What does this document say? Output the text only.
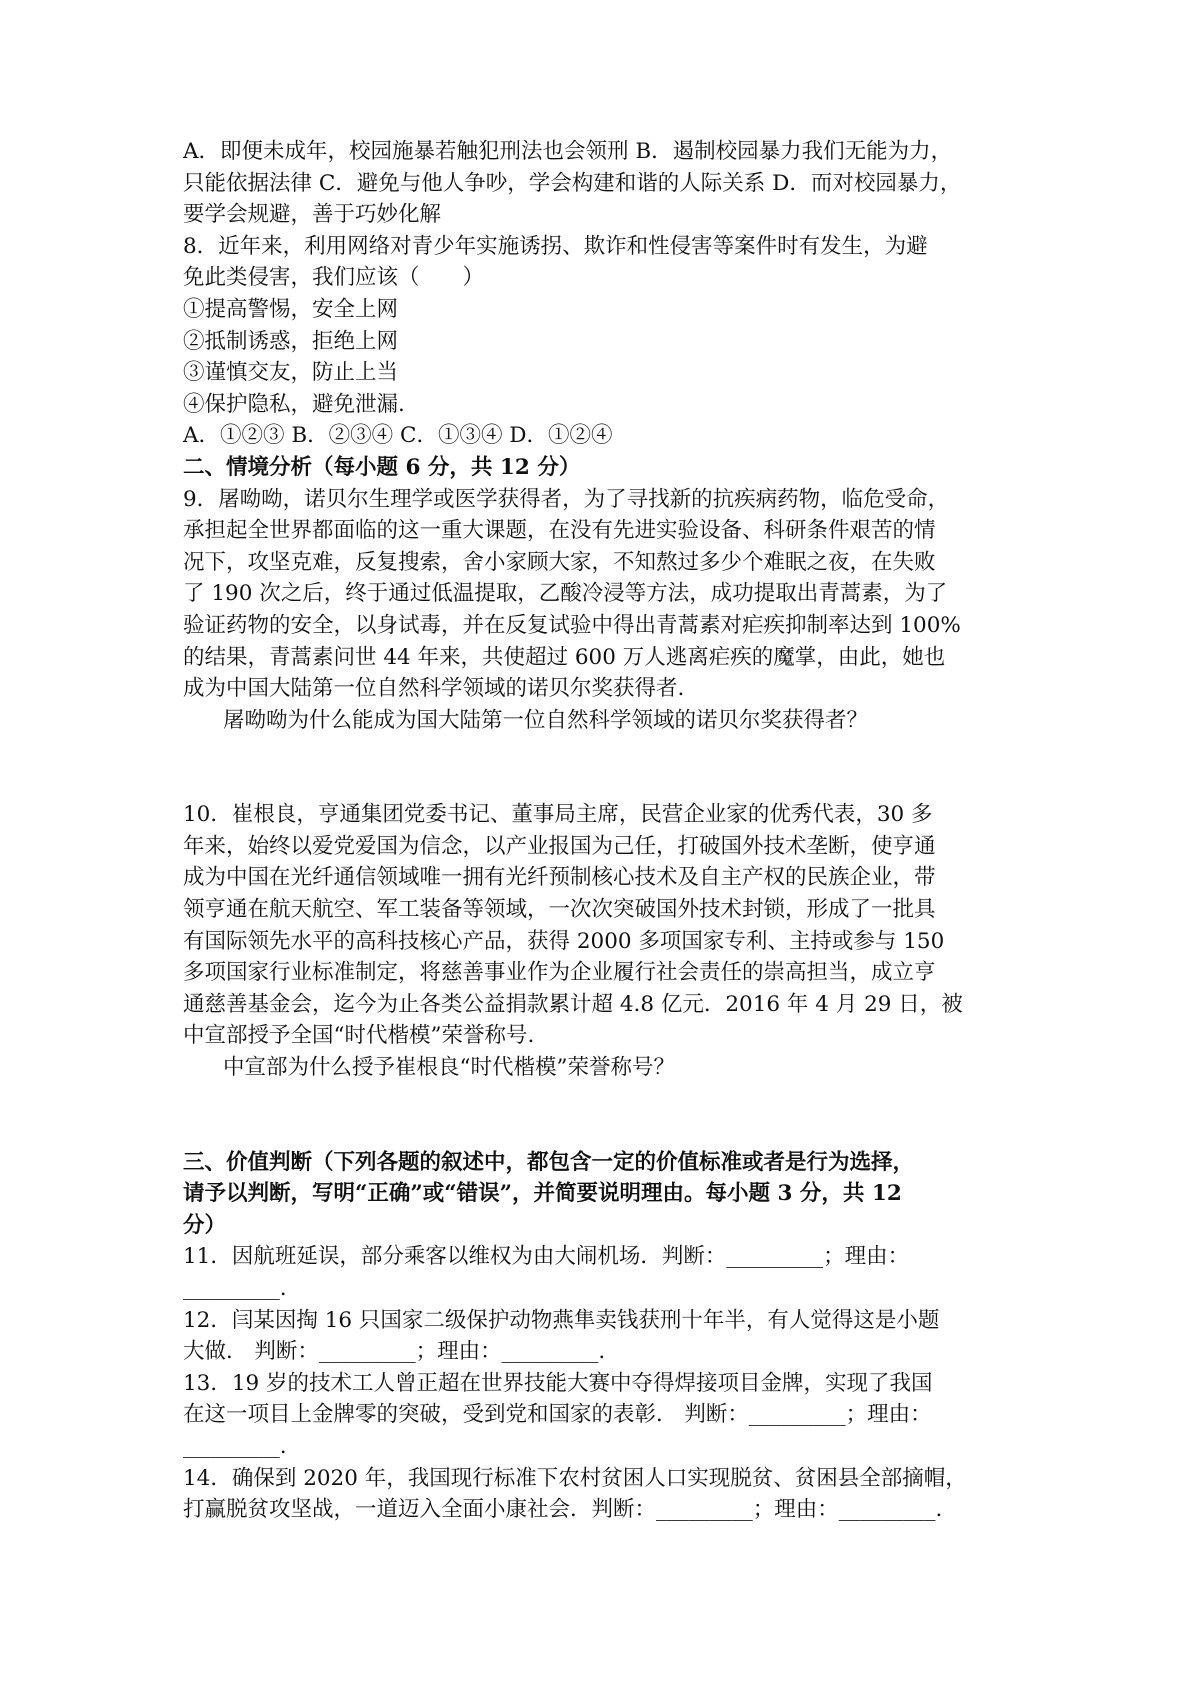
A．即便未成年，校园施暴若触犯刑法也会领刑 B．遏制校园暴力我们无能为力，
只能依据法律 C．避免与他人争吵，学会构建和谐的人际关系 D．而对校园暴力，
要学会规避，善于巧妙化解
8．近年来，利用网络对青少年实施诱拐、欺诈和性侵害等案件时有发生，为避
免此类侵害，我们应该（　　）
①提高警惕，安全上网
②抵制诱惑，拒绝上网
③谨慎交友，防止上当
④保护隐私，避免泄漏.
A．①②③ B．②③④ C．①③④ D．①②④
二、情境分析（每小题 6 分，共 12 分）
9．屠呦呦，诺贝尔生理学或医学获得者，为了寻找新的抗疾病药物，临危受命，
承担起全世界都面临的这一重大课题，在没有先进实验设备、科研条件艰苦的情
况下，攻坚克难，反复搜索，舍小家顾大家，不知熬过多少个难眠之夜，在失败
了 190 次之后，终于通过低温提取，乙酸冷浸等方法，成功提取出青蒿素，为了
验证药物的安全，以身试毒，并在反复试验中得出青蒿素对疟疾抑制率达到 100%
的结果，青蒿素问世 44 年来，共使超过 600 万人逃离疟疾的魔掌，由此，她也
成为中国大陆第一位自然科学领域的诺贝尔奖获得者.
屠呦呦为什么能成为国大陆第一位自然科学领域的诺贝尔奖获得者？
10．崔根良，亨通集团党委书记、董事局主席，民营企业家的优秀代表，30 多
年来，始终以爱党爱国为信念，以产业报国为己任，打破国外技术垄断，使亨通
成为中国在光纤通信领域唯一拥有光纤预制核心技术及自主产权的民族企业，带
领亨通在航天航空、军工装备等领域，一次次突破国外技术封锁，形成了一批具
有国际领先水平的高科技核心产品，获得 2000 多项国家专利、主持或参与 150
多项国家行业标准制定，将慈善事业作为企业履行社会责任的崇高担当，成立亨
通慈善基金会，迄今为止各类公益捐款累计超 4.8 亿元．2016 年 4 月 29 日，被
中宣部授予全国“时代楷模”荣誉称号.
中宣部为什么授予崔根良“时代楷模”荣誉称号？
三、价值判断（下列各题的叙述中，都包含一定的价值标准或者是行为选择，
请予以判断，写明“正确”或“错误”，并简要说明理由。每小题 3 分，共 12
分）
11．因航班延误，部分乘客以维权为由大闹机场．判断：_________；理由：
_________.
12．闫某因掏 16 只国家二级保护动物燕隼卖钱获刑十年半，有人觉得这是小题
大做． 判断：_________；理由：_________.
13．19 岁的技术工人曾正超在世界技能大赛中夺得焊接项目金牌，实现了我国
在这一项目上金牌零的突破，受到党和国家的表彰． 判断：_________；理由：
_________.
14．确保到 2020 年，我国现行标准下农村贫困人口实现脱贫、贫困县全部摘帽，
打赢脱贫攻坚战，一道迈入全面小康社会．判断：_________；理由：_________.
